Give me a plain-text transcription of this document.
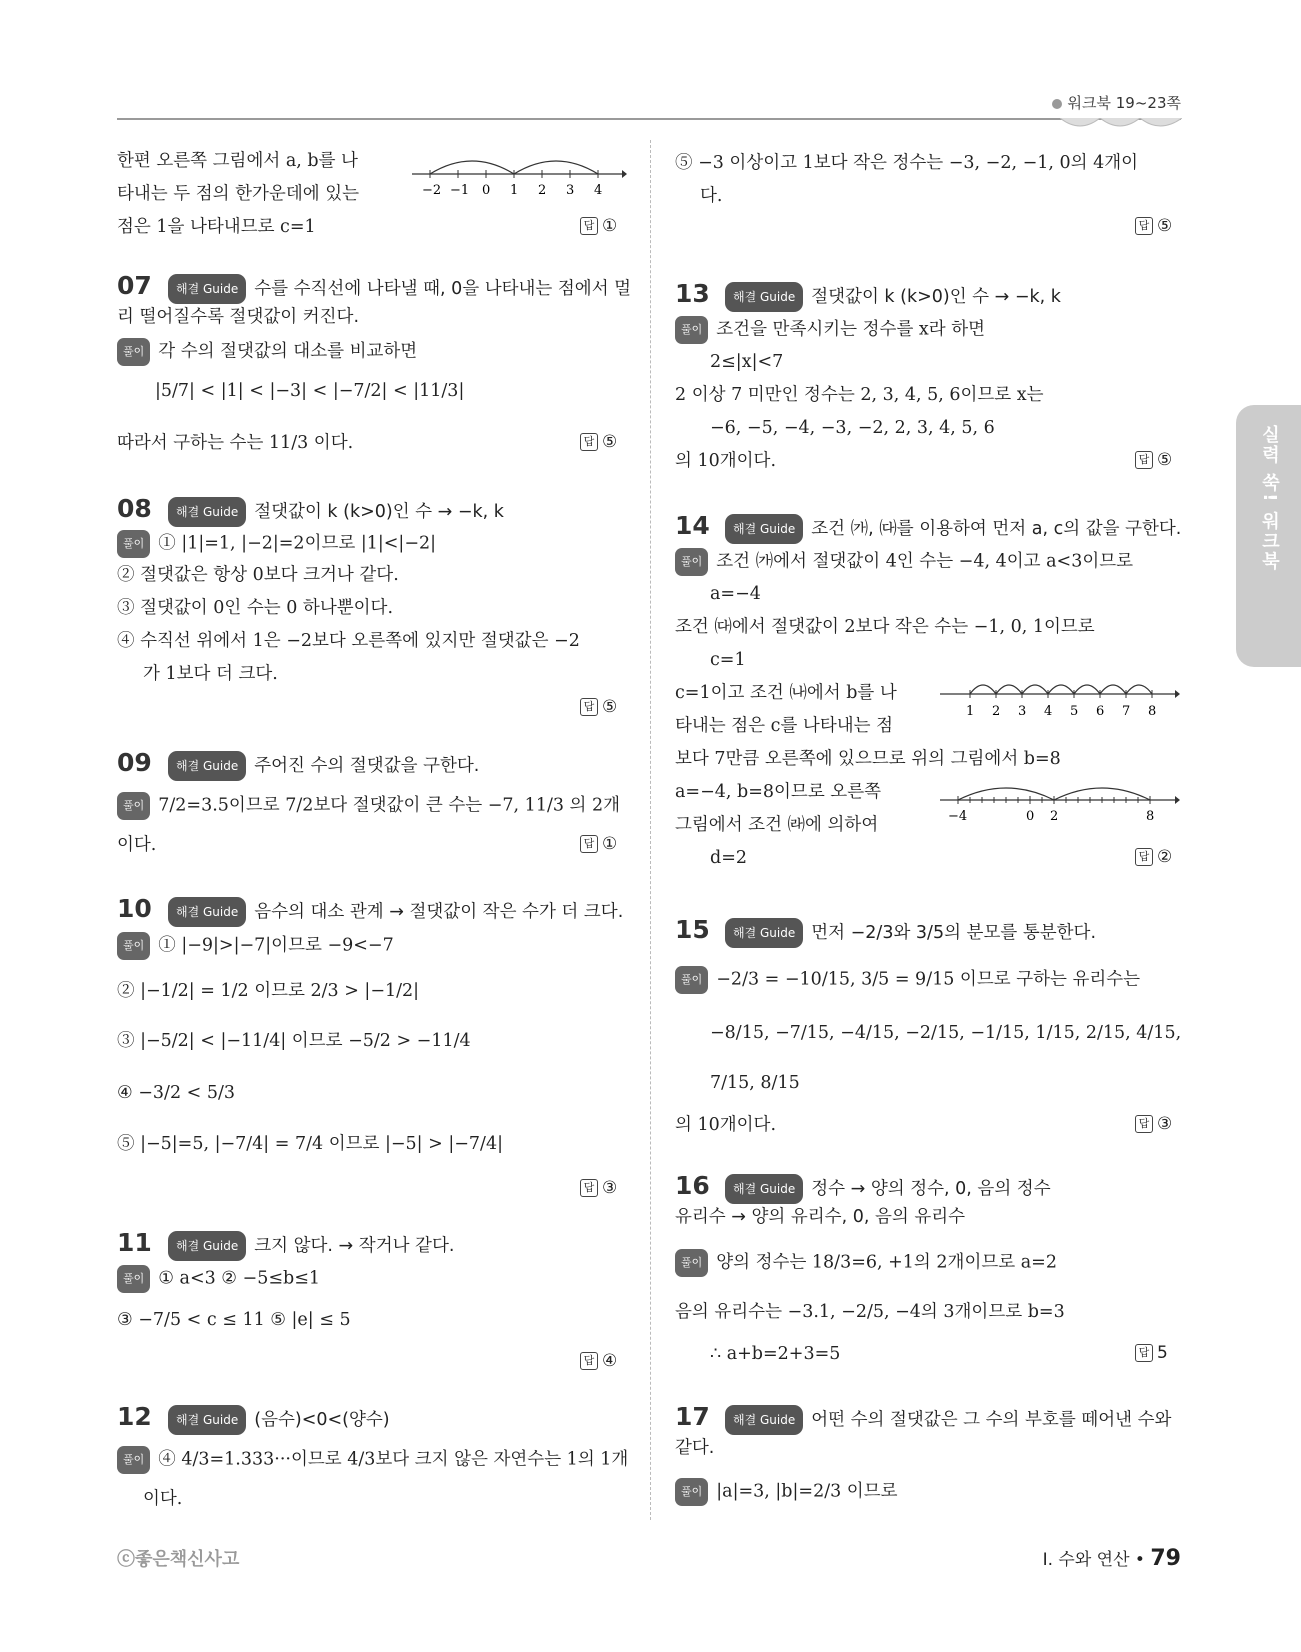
워크북 19~23쪽
실력 쑥! 워크북
한편 오른쪽 그림에서 a, b를 나
타내는 두 점의 한가운데에 있는
점은 1을 나타내므로 c=1
−2 −1 0 1 2 3 4
답 ①
07	해결 Guide 수를 수직선에 나타낼 때, 0을 나타내는 점에서 멀
리 떨어질수록 절댓값이 커진다.
풀이 각 수의 절댓값의 대소를 비교하면
|5/7| < |1| < |−3| < |−7/2| < |11/3|
따라서 구하는 수는 11/3 이다.	답 ⑤
08	해결 Guide 절댓값이 k (k>0)인 수 → −k, k
풀이 ① |1|=1, |−2|=2이므로 |1|<|−2|
② 절댓값은 항상 0보다 크거나 같다.
③ 절댓값이 0인 수는 0 하나뿐이다.
④ 수직선 위에서 1은 −2보다 오른쪽에 있지만 절댓값은 −2
가 1보다 더 크다.
답 ⑤
09	해결 Guide 주어진 수의 절댓값을 구한다.
풀이 7/2=3.5이므로 7/2보다 절댓값이 큰 수는 −7, 11/3 의 2개
이다.	답 ①
10	해결 Guide 음수의 대소 관계 → 절댓값이 작은 수가 더 크다.
풀이 ① |−9|>|−7|이므로 −9<−7
② |−1/2| = 1/2 이므로 2/3 > |−1/2|
③ |−5/2| < |−11/4| 이므로 −5/2 > −11/4
④ −3/2 < 5/3
⑤ |−5|=5, |−7/4| = 7/4 이므로 |−5| > |−7/4|
답 ③
11	해결 Guide 크지 않다. → 작거나 같다.
풀이 ① a<3 ② −5≤b≤1
③ −7/5 < c ≤ 11 ⑤ |e| ≤ 5
답 ④
12	해결 Guide (음수)<0<(양수)
풀이 ④ 4/3=1.333···이므로 4/3보다 크지 않은 자연수는 1의 1개
이다.
⑤ −3 이상이고 1보다 작은 정수는 −3, −2, −1, 0의 4개이
다.
답 ⑤
13	해결 Guide 절댓값이 k (k>0)인 수 → −k, k
풀이 조건을 만족시키는 정수를 x라 하면
2≤|x|<7
2 이상 7 미만인 정수는 2, 3, 4, 5, 6이므로 x는
−6, −5, −4, −3, −2, 2, 3, 4, 5, 6
의 10개이다.	답 ⑤
14	해결 Guide 조건 ㈎, ㈐를 이용하여 먼저 a, c의 값을 구한다.
풀이 조건 ㈎에서 절댓값이 4인 수는 −4, 4이고 a<3이므로
a=−4
조건 ㈐에서 절댓값이 2보다 작은 수는 −1, 0, 1이므로
c=1
c=1이고 조건 ㈏에서 b를 나
타내는 점은 c를 나타내는 점
보다 7만큼 오른쪽에 있으므로 위의 그림에서 b=8
a=−4, b=8이므로 오른쪽
그림에서 조건 ㈑에 의하여
d=2
1 2 3 4 5 6 7 8
−4	0 2	8
답 ②
15	해결 Guide 먼저 −2/3와 3/5의 분모를 통분한다.
풀이 −2/3 = −10/15, 3/5 = 9/15 이므로 구하는 유리수는
−8/15, −7/15, −4/15, −2/15, −1/15, 1/15, 2/15, 4/15,
7/15, 8/15
의 10개이다.	답 ③
16	해결 Guide 정수 → 양의 정수, 0, 음의 정수
유리수 → 양의 유리수, 0, 음의 유리수
풀이 양의 정수는 18/3=6, +1의 2개이므로 a=2
음의 유리수는 −3.1, −2/5, −4의 3개이므로 b=3
∴ a+b=2+3=5	답 5
17	해결 Guide 어떤 수의 절댓값은 그 수의 부호를 떼어낸 수와
같다.
풀이 |a|=3, |b|=2/3 이므로
ⓒ좋은책신사고	Ⅰ. 수와 연산 • 79
